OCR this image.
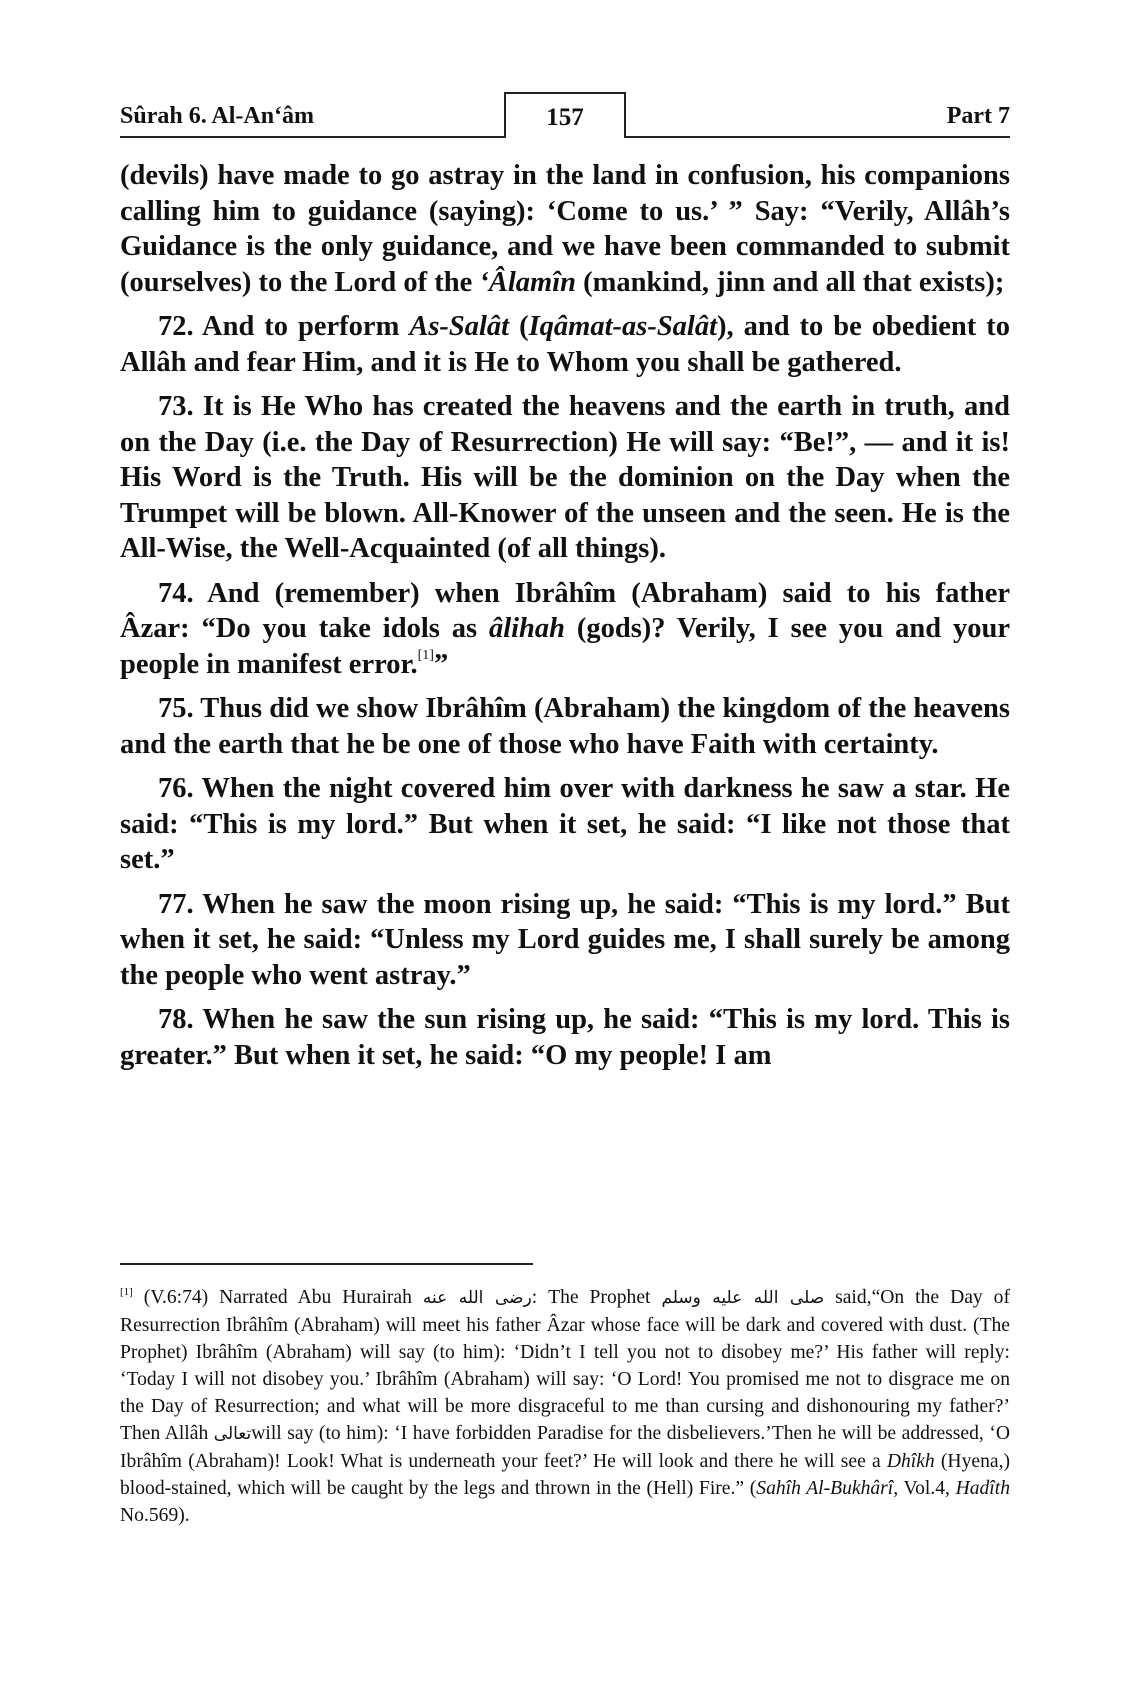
Sûrah 6. Al-An‘âm	157	Part 7

(devils) have made to go astray in the land in confusion, his companions calling him to guidance (saying): ‘Come to us.’ ” Say: “Verily, Allâh’s Guidance is the only guidance, and we have been commanded to submit (ourselves) to the Lord of the ‘Âlamîn (mankind, jinn and all that exists);

72. And to perform As-Salât (Iqâmat-as-Salât), and to be obedient to Allâh and fear Him, and it is He to Whom you shall be gathered.

73. It is He Who has created the heavens and the earth in truth, and on the Day (i.e. the Day of Resurrection) He will say: “Be!”, — and it is! His Word is the Truth. His will be the dominion on the Day when the Trumpet will be blown. All-Knower of the unseen and the seen. He is the All-Wise, the Well-Acquainted (of all things).

74. And (remember) when Ibrâhîm (Abraham) said to his father Âzar: “Do you take idols as âlihah (gods)? Verily, I see you and your people in manifest error.[1]”

75. Thus did we show Ibrâhîm (Abraham) the kingdom of the heavens and the earth that he be one of those who have Faith with certainty.

76. When the night covered him over with darkness he saw a star. He said: “This is my lord.” But when it set, he said: “I like not those that set.”

77. When he saw the moon rising up, he said: “This is my lord.” But when it set, he said: “Unless my Lord guides me, I shall surely be among the people who went astray.”

78. When he saw the sun rising up, he said: “This is my lord. This is greater.” But when it set, he said: “O my people! I am

[1] (V.6:74) Narrated Abu Hurairah رضى الله عنه: The Prophet صلى الله عليه وسلم said,“On the Day of Resurrection Ibrâhîm (Abraham) will meet his father Âzar whose face will be dark and covered with dust. (The Prophet) Ibrâhîm (Abraham) will say (to him): ‘Didn’t I tell you not to disobey me?’ His father will reply: ‘Today I will not disobey you.’ Ibrâhîm (Abraham) will say: ‘O Lord! You promised me not to disgrace me on the Day of Resurrection; and what will be more disgraceful to me than cursing and dishonouring my father?’ Then Allâh تعالىwill say (to him): ‘I have forbidden Paradise for the disbelievers.’Then he will be addressed, ‘O Ibrâhîm (Abraham)! Look! What is underneath your feet?’ He will look and there he will see a Dhîkh (Hyena,) blood-stained, which will be caught by the legs and thrown in the (Hell) Fire.” (Sahîh Al-Bukhârî, Vol.4, Hadîth No.569).
